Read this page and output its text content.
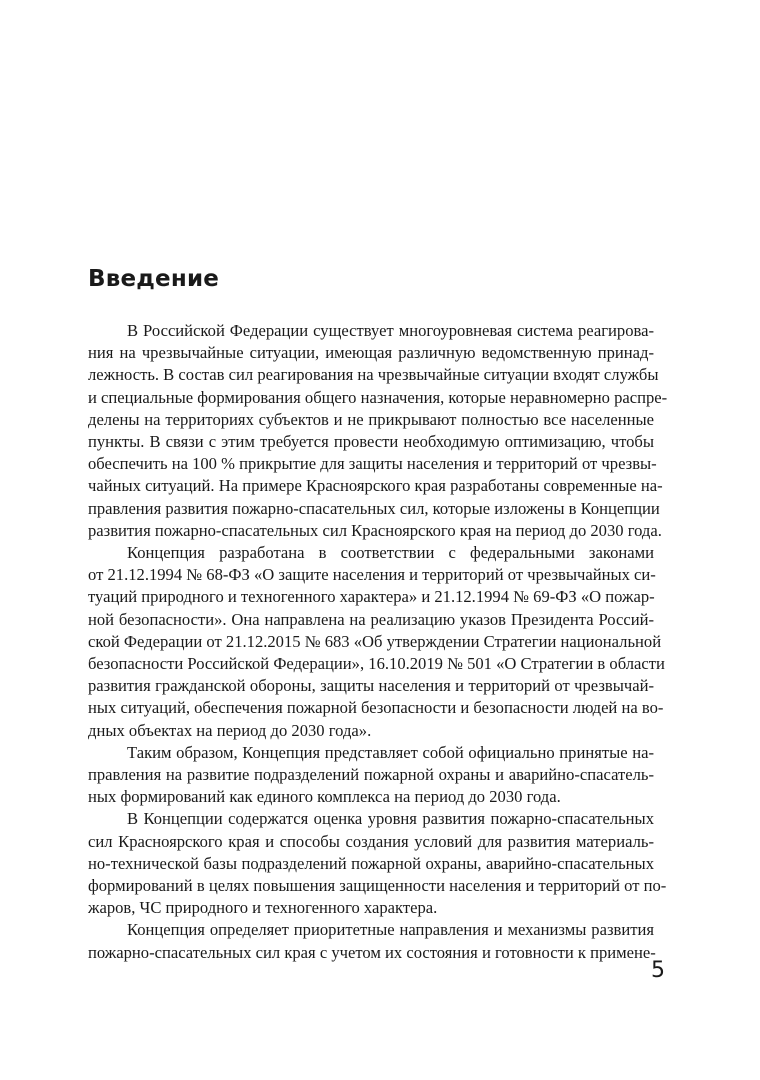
Введение

В Российской Федерации существует многоуровневая система реагирова-
ния на чрезвычайные ситуации, имеющая различную ведомственную принад-
лежность. В состав сил реагирования на чрезвычайные ситуации входят службы
и специальные формирования общего назначения, которые неравномерно распре-
делены на территориях субъектов и не прикрывают полностью все населенные
пункты. В связи с этим требуется провести необходимую оптимизацию, чтобы
обеспечить на 100 % прикрытие для защиты населения и территорий от чрезвы-
чайных ситуаций. На примере Красноярского края разработаны современные на-
правления развития пожарно-спасательных сил, которые изложены в Концепции
развития пожарно-спасательных сил Красноярского края на период до 2030 года.

Концепция разработана в соответствии с федеральными законами
от 21.12.1994 № 68-ФЗ «О защите населения и территорий от чрезвычайных си-
туаций природного и техногенного характера» и 21.12.1994 № 69-ФЗ «О пожар-
ной безопасности». Она направлена на реализацию указов Президента Россий-
ской Федерации от 21.12.2015 № 683 «Об утверждении Стратегии национальной
безопасности Российской Федерации», 16.10.2019 № 501 «О Стратегии в области
развития гражданской обороны, защиты населения и территорий от чрезвычай-
ных ситуаций, обеспечения пожарной безопасности и безопасности людей на во-
дных объектах на период до 2030 года».

Таким образом, Концепция представляет собой официально принятые на-
правления на развитие подразделений пожарной охраны и аварийно-спасатель-
ных формирований как единого комплекса на период до 2030 года.

В Концепции содержатся оценка уровня развития пожарно-спасательных
сил Красноярского края и способы создания условий для развития материаль-
но-технической базы подразделений пожарной охраны, аварийно-спасательных
формирований в целях повышения защищенности населения и территорий от по-
жаров, ЧС природного и техногенного характера.

Концепция определяет приоритетные направления и механизмы развития
пожарно-спасательных сил края с учетом их состояния и готовности к примене-

5
